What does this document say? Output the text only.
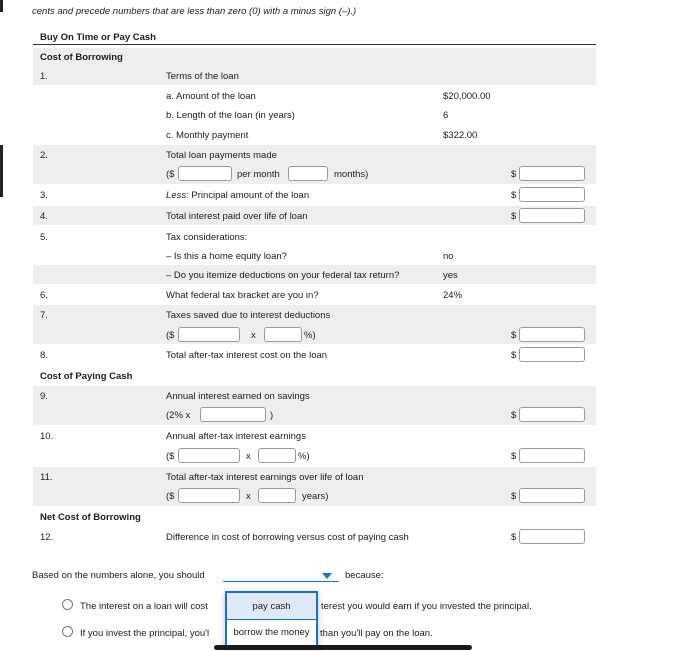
cents and precede numbers that are less than zero (0) with a minus sign (–).)
Buy On Time or Pay Cash
Cost of Borrowing
1.	Terms of the loan
a. Amount of the loan	$20,000.00
b. Length of the loan (in years)	6
c. Monthly payment	$322.00
2.	Total loan payments made
($	per month	months)	$
3.	Less: Principal amount of the loan	$
4.	Total interest paid over life of loan	$
5.	Tax considerations:
– Is this a home equity loan?	no
– Do you itemize deductions on your federal tax return?	yes
6.	What federal tax bracket are you in?	24%
7.	Taxes saved due to interest deductions
($	x	%)	$
8.	Total after-tax interest cost on the loan	$
Cost of Paying Cash
9.	Annual interest earned on savings
(2% x	)	$
10.	Annual after-tax interest earnings
($	x	%)	$
11.	Total after-tax interest earnings over life of loan
($	x	years)	$
Net Cost of Borrowing
12.	Difference in cost of borrowing versus cost of paying cash	$
Based on the numbers alone, you should	because:
The interest on a loan will cost	terest you would earn if you invested the principal.
If you invest the principal, you'l	than you'll pay on the loan.
pay cash
borrow the money
